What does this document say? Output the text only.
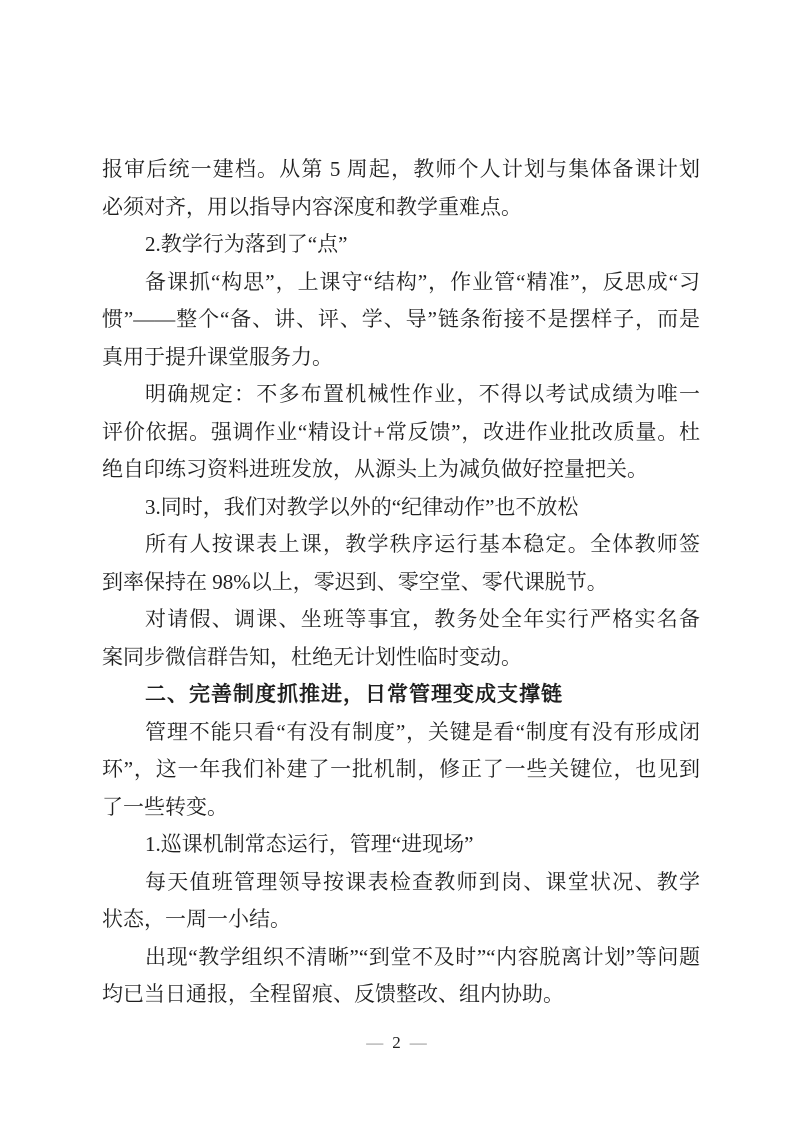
报审后统一建档。从第 5 周起，教师个人计划与集体备课计划
必须对齐，用以指导内容深度和教学重难点。
2.教学行为落到了“点”
备课抓“构思”，上课守“结构”，作业管“精准”，反思成“习
惯”——整个“备、讲、评、学、导”链条衔接不是摆样子，而是
真用于提升课堂服务力。
明确规定：不多布置机械性作业，不得以考试成绩为唯一
评价依据。强调作业“精设计+常反馈”，改进作业批改质量。杜
绝自印练习资料进班发放，从源头上为减负做好控量把关。
3.同时，我们对教学以外的“纪律动作”也不放松
所有人按课表上课，教学秩序运行基本稳定。全体教师签
到率保持在 98%以上，零迟到、零空堂、零代课脱节。
对请假、调课、坐班等事宜，教务处全年实行严格实名备
案同步微信群告知，杜绝无计划性临时变动。
二、完善制度抓推进，日常管理变成支撑链
管理不能只看“有没有制度”，关键是看“制度有没有形成闭
环”，这一年我们补建了一批机制，修正了一些关键位，也见到
了一些转变。
1.巡课机制常态运行，管理“进现场”
每天值班管理领导按课表检查教师到岗、课堂状况、教学
状态，一周一小结。
出现“教学组织不清晰”“到堂不及时”“内容脱离计划”等问题
均已当日通报，全程留痕、反馈整改、组内协助。
— 2 —
